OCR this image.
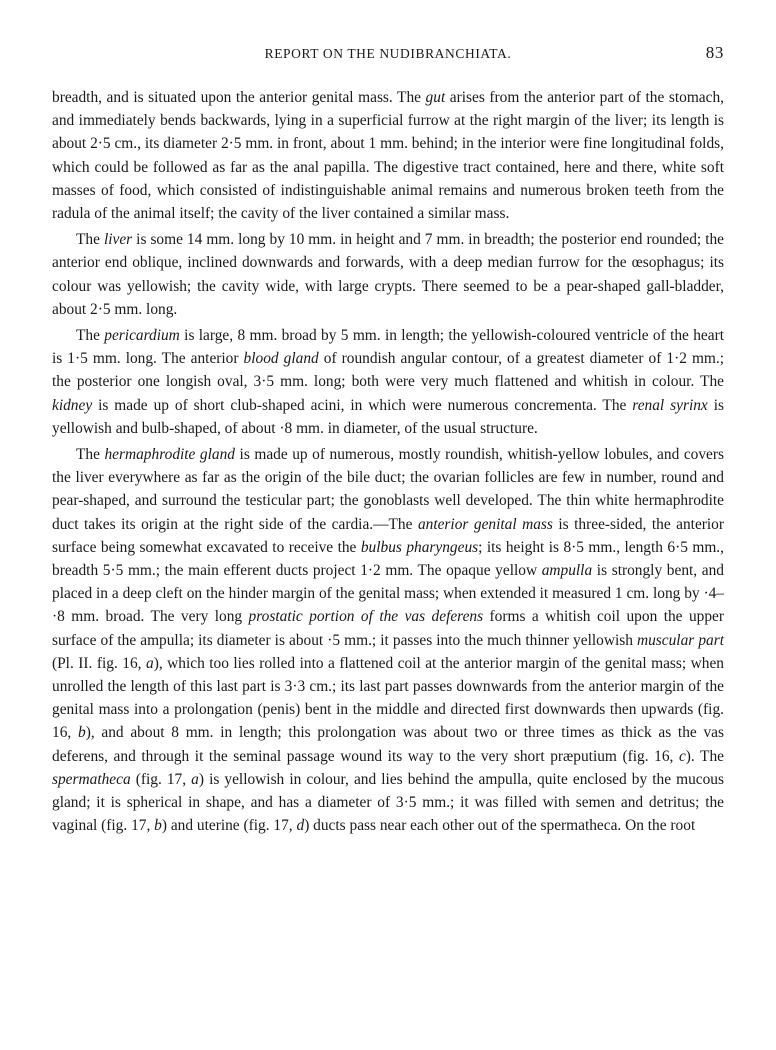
REPORT ON THE NUDIBRANCHIATA.	83

breadth, and is situated upon the anterior genital mass. The gut arises from the anterior part of the stomach, and immediately bends backwards, lying in a superficial furrow at the right margin of the liver; its length is about 2·5 cm., its diameter 2·5 mm. in front, about 1 mm. behind; in the interior were fine longitudinal folds, which could be followed as far as the anal papilla. The digestive tract contained, here and there, white soft masses of food, which consisted of indistinguishable animal remains and numerous broken teeth from the radula of the animal itself; the cavity of the liver contained a similar mass.

The liver is some 14 mm. long by 10 mm. in height and 7 mm. in breadth; the posterior end rounded; the anterior end oblique, inclined downwards and forwards, with a deep median furrow for the œsophagus; its colour was yellowish; the cavity wide, with large crypts. There seemed to be a pear-shaped gall-bladder, about 2·5 mm. long.

The pericardium is large, 8 mm. broad by 5 mm. in length; the yellowish-coloured ventricle of the heart is 1·5 mm. long. The anterior blood gland of roundish angular contour, of a greatest diameter of 1·2 mm.; the posterior one longish oval, 3·5 mm. long; both were very much flattened and whitish in colour. The kidney is made up of short club-shaped acini, in which were numerous concrementa. The renal syrinx is yellowish and bulb-shaped, of about ·8 mm. in diameter, of the usual structure.

The hermaphrodite gland is made up of numerous, mostly roundish, whitish-yellow lobules, and covers the liver everywhere as far as the origin of the bile duct; the ovarian follicles are few in number, round and pear-shaped, and surround the testicular part; the gonoblasts well developed. The thin white hermaphrodite duct takes its origin at the right side of the cardia.—The anterior genital mass is three-sided, the anterior surface being somewhat excavated to receive the bulbus pharyngeus; its height is 8·5 mm., length 6·5 mm., breadth 5·5 mm.; the main efferent ducts project 1·2 mm. The opaque yellow ampulla is strongly bent, and placed in a deep cleft on the hinder margin of the genital mass; when extended it measured 1 cm. long by ·4–·8 mm. broad. The very long prostatic portion of the vas deferens forms a whitish coil upon the upper surface of the ampulla; its diameter is about ·5 mm.; it passes into the much thinner yellowish muscular part (Pl. II. fig. 16, a), which too lies rolled into a flattened coil at the anterior margin of the genital mass; when unrolled the length of this last part is 3·3 cm.; its last part passes downwards from the anterior margin of the genital mass into a prolongation (penis) bent in the middle and directed first downwards then upwards (fig. 16, b), and about 8 mm. in length; this prolongation was about two or three times as thick as the vas deferens, and through it the seminal passage wound its way to the very short præputium (fig. 16, c). The spermatheca (fig. 17, a) is yellowish in colour, and lies behind the ampulla, quite enclosed by the mucous gland; it is spherical in shape, and has a diameter of 3·5 mm.; it was filled with semen and detritus; the vaginal (fig. 17, b) and uterine (fig. 17, d) ducts pass near each other out of the spermatheca. On the root
